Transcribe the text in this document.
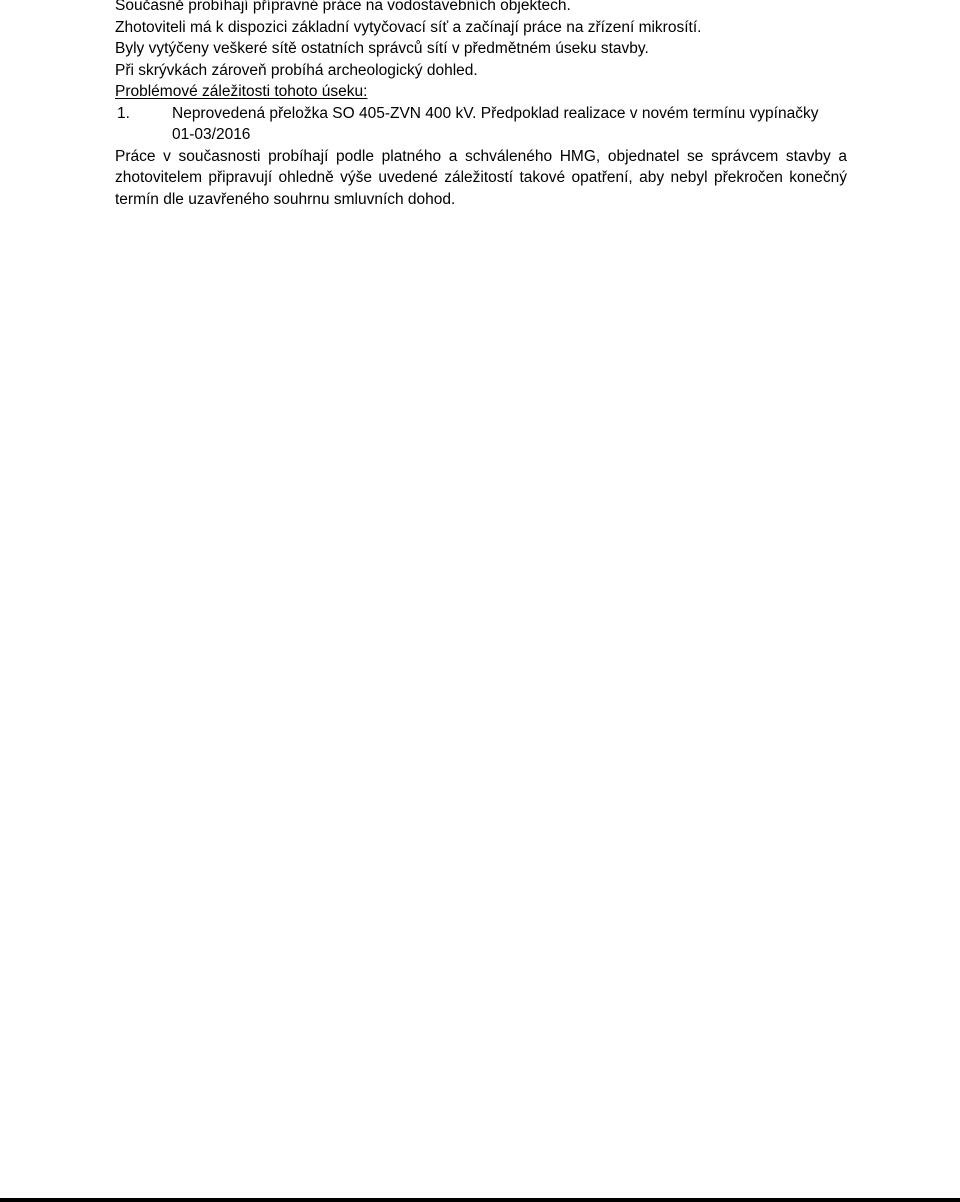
Současně probíhají přípravné práce na vodostavebních objektech.
Zhotoviteli má k dispozici základní vytyčovací síť a začínají práce na zřízení mikrosítí.
Byly vytýčeny veškeré sítě ostatních správců sítí v předmětném úseku stavby.
Při skrývkách zároveň probíhá archeologický dohled.
Problémové záležitosti tohoto úseku:
1.	Neprovedená přeložka SO 405-ZVN 400 kV. Předpoklad realizace v novém termínu vypínačky
01-03/2016
Práce v současnosti probíhají podle platného a schváleného HMG, objednatel se správcem stavby a zhotovitelem připravují ohledně výše uvedené záležitostí takové opatření, aby nebyl překročen konečný termín dle uzavřeného souhrnu smluvních dohod.
